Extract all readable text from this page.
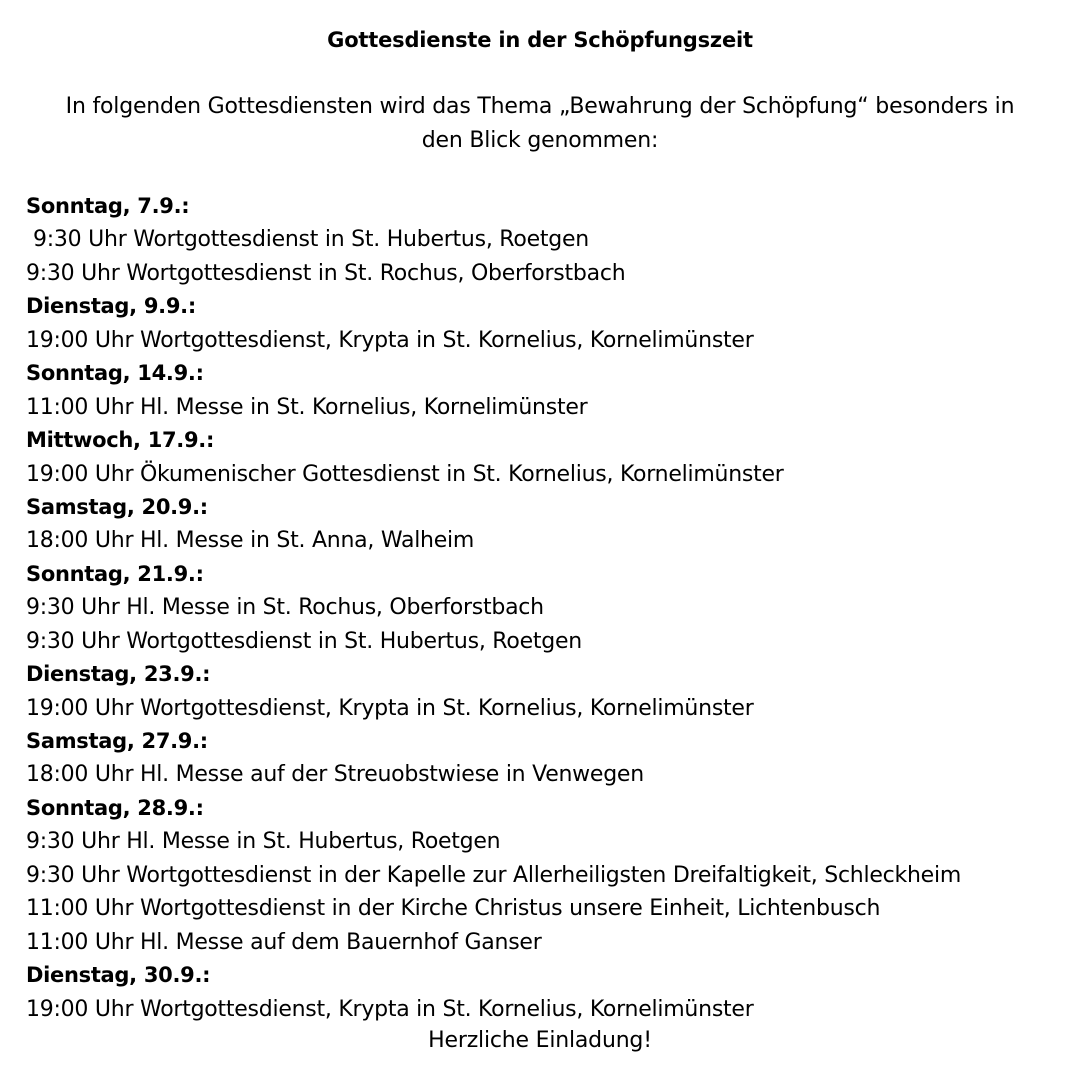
Gottesdienste in der Schöpfungszeit
In folgenden Gottesdiensten wird das Thema „Bewahrung der Schöpfung“ besonders in
den Blick genommen:
Sonntag, 7.9.:
9:30 Uhr Wortgottesdienst in St. Hubertus, Roetgen
9:30 Uhr Wortgottesdienst in St. Rochus, Oberforstbach
Dienstag, 9.9.:
19:00 Uhr Wortgottesdienst, Krypta in St. Kornelius, Kornelimünster
Sonntag, 14.9.:
11:00 Uhr Hl. Messe in St. Kornelius, Kornelimünster
Mittwoch, 17.9.:
19:00 Uhr Ökumenischer Gottesdienst in St. Kornelius, Kornelimünster
Samstag, 20.9.:
18:00 Uhr Hl. Messe in St. Anna, Walheim
Sonntag, 21.9.:
9:30 Uhr Hl. Messe in St. Rochus, Oberforstbach
9:30 Uhr Wortgottesdienst in St. Hubertus, Roetgen
Dienstag, 23.9.:
19:00 Uhr Wortgottesdienst, Krypta in St. Kornelius, Kornelimünster
Samstag, 27.9.:
18:00 Uhr Hl. Messe auf der Streuobstwiese in Venwegen
Sonntag, 28.9.:
9:30 Uhr Hl. Messe in St. Hubertus, Roetgen
9:30 Uhr Wortgottesdienst in der Kapelle zur Allerheiligsten Dreifaltigkeit, Schleckheim
11:00 Uhr Wortgottesdienst in der Kirche Christus unsere Einheit, Lichtenbusch
11:00 Uhr Hl. Messe auf dem Bauernhof Ganser
Dienstag, 30.9.:
19:00 Uhr Wortgottesdienst, Krypta in St. Kornelius, Kornelimünster
Herzliche Einladung!
